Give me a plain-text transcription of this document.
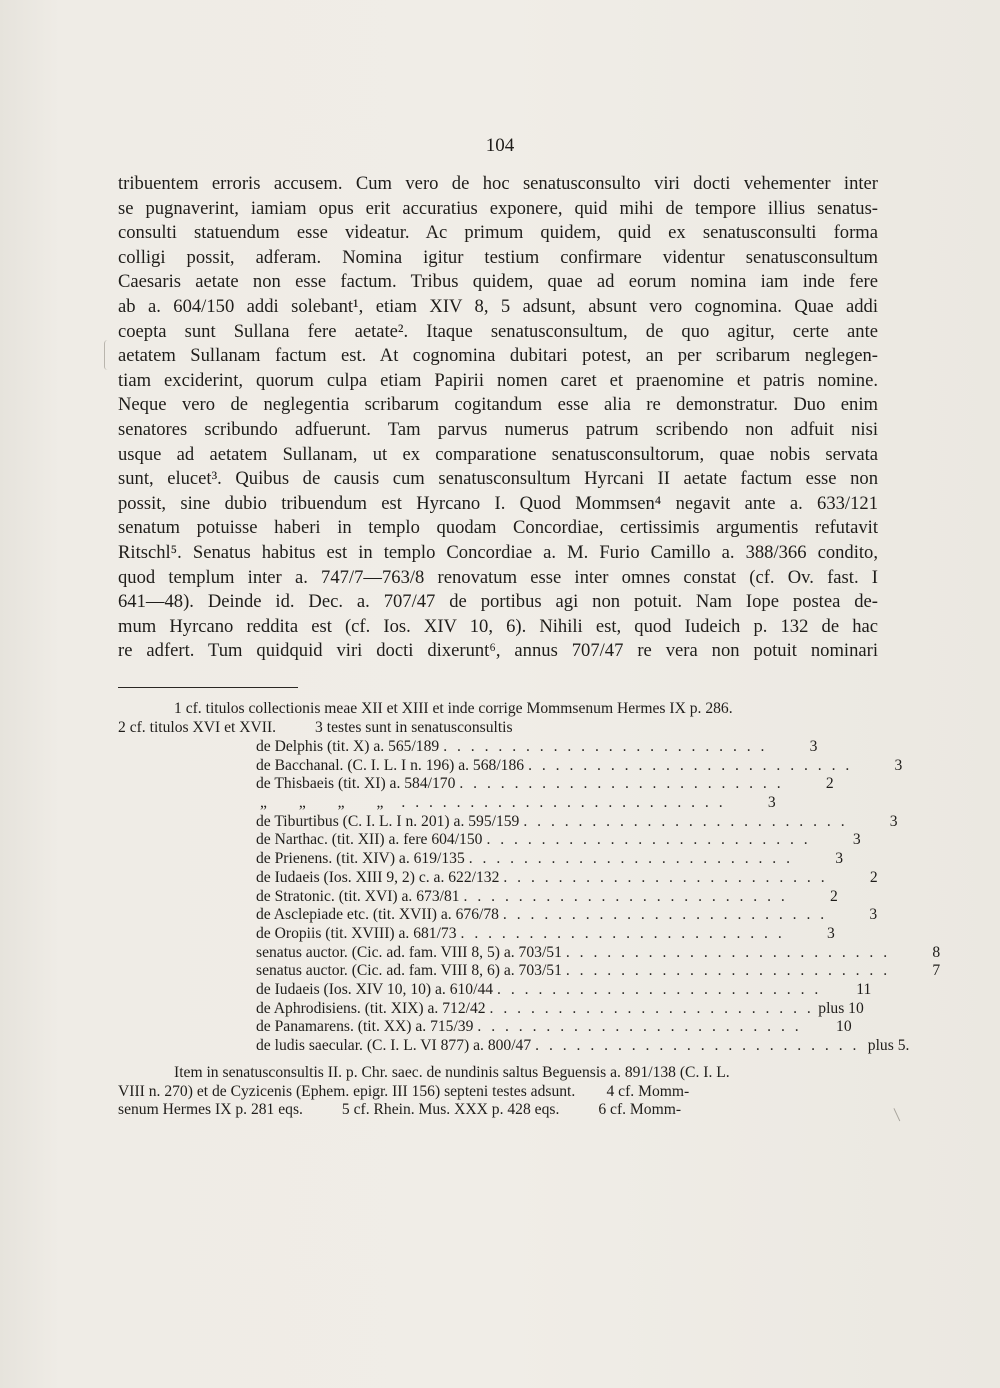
104
tribuentem erroris accusem. Cum vero de hoc senatusconsulto viri docti vehementer inter
se pugnaverint, iamiam opus erit accuratius exponere, quid mihi de tempore illius senatus-
consulti statuendum esse videatur. Ac primum quidem, quid ex senatusconsulti forma
colligi possit, adferam. Nomina igitur testium confirmare videntur senatusconsultum
Caesaris aetate non esse factum. Tribus quidem, quae ad eorum nomina iam inde fere
ab a. 604/150 addi solebant¹, etiam XIV 8, 5 adsunt, absunt vero cognomina. Quae addi
coepta sunt Sullana fere aetate². Itaque senatusconsultum, de quo agitur, certe ante
aetatem Sullanam factum est. At cognomina dubitari potest, an per scribarum neglegen-
tiam exciderint, quorum culpa etiam Papirii nomen caret et praenomine et patris nomine.
Neque vero de neglegentia scribarum cogitandum esse alia re demonstratur. Duo enim
senatores scribundo adfuerunt. Tam parvus numerus patrum scribendo non adfuit nisi
usque ad aetatem Sullanam, ut ex comparatione senatusconsultorum, quae nobis servata
sunt, elucet³. Quibus de causis cum senatusconsultum Hyrcani II aetate factum esse non
possit, sine dubio tribuendum est Hyrcano I. Quod Mommsen⁴ negavit ante a. 633/121
senatum potuisse haberi in templo quodam Concordiae, certissimis argumentis refutavit
Ritschl⁵. Senatus habitus est in templo Concordiae a. M. Furio Camillo a. 388/366 condito,
quod templum inter a. 747/7—763/8 renovatum esse inter omnes constat (cf. Ov. fast. I
641—48). Deinde id. Dec. a. 707/47 de portibus agi non potuit. Nam Iope postea de-
mum Hyrcano reddita est (cf. Ios. XIV 10, 6). Nihili est, quod Iudeich p. 132 de hac
re adfert. Tum quidquid viri docti dixerunt⁶, annus 707/47 re vera non potuit nominari
1 cf. titulos collectionis meae XII et XIII et inde corrige Mommsenum Hermes IX p. 286.
2 cf. titulos XVI et XVII.          3 testes sunt in senatusconsultis
de Delphis (tit. X) a. 565/189 . . . . . . . . . . . . . . . . . . . . . . . .	3
de Bacchanal. (C. I. L. I n. 196) a. 568/186 . . . . . . . . . . . . . . . . . . . . . . . .	3
de Thisbaeis (tit. XI) a. 584/170 . . . . . . . . . . . . . . . . . . . . . . . .	2
„ „ „ „ . . . . . . . . . . . . . . . . . . . . . . . .	3
de Tiburtibus (C. I. L. I n. 201) a. 595/159 . . . . . . . . . . . . . . . . . . . . . . . .	3
de Narthac. (tit. XII) a. fere 604/150 . . . . . . . . . . . . . . . . . . . . . . . .	3
de Prienens. (tit. XIV) a. 619/135 . . . . . . . . . . . . . . . . . . . . . . . .	3
de Iudaeis (Ios. XIII 9, 2) c. a. 622/132 . . . . . . . . . . . . . . . . . . . . . . . .	2
de Stratonic. (tit. XVI) a. 673/81 . . . . . . . . . . . . . . . . . . . . . . . .	2
de Asclepiade etc. (tit. XVII) a. 676/78 . . . . . . . . . . . . . . . . . . . . . . . .	3
de Oropiis (tit. XVIII) a. 681/73 . . . . . . . . . . . . . . . . . . . . . . . .	3
senatus auctor. (Cic. ad. fam. VIII 8, 5) a. 703/51 . . . . . . . . . . . . . . . . . . . . . . . .	8
senatus auctor. (Cic. ad. fam. VIII 8, 6) a. 703/51 . . . . . . . . . . . . . . . . . . . . . . . .	7
de Iudaeis (Ios. XIV 10, 10) a. 610/44 . . . . . . . . . . . . . . . . . . . . . . . .	11
de Aphrodisiens. (tit. XIX) a. 712/42 . . . . . . . . . . . . . . . . . . . . . . . . plus 10
de Panamarens. (tit. XX) a. 715/39 . . . . . . . . . . . . . . . . . . . . . . . .	10
de ludis saecular. (C. I. L. VI 877) a. 800/47 . . . . . . . . . . . . . . . . . . . . . . . . plus 5.
Item in senatusconsultis II. p. Chr. saec. de nundinis saltus Beguensis a. 891/138 (C. I. L.
VIII n. 270) et de Cyzicenis (Ephem. epigr. III 156) septeni testes adsunt.        4 cf. Momm-
senum Hermes IX p. 281 eqs.          5 cf. Rhein. Mus. XXX p. 428 eqs.          6 cf. Momm-
